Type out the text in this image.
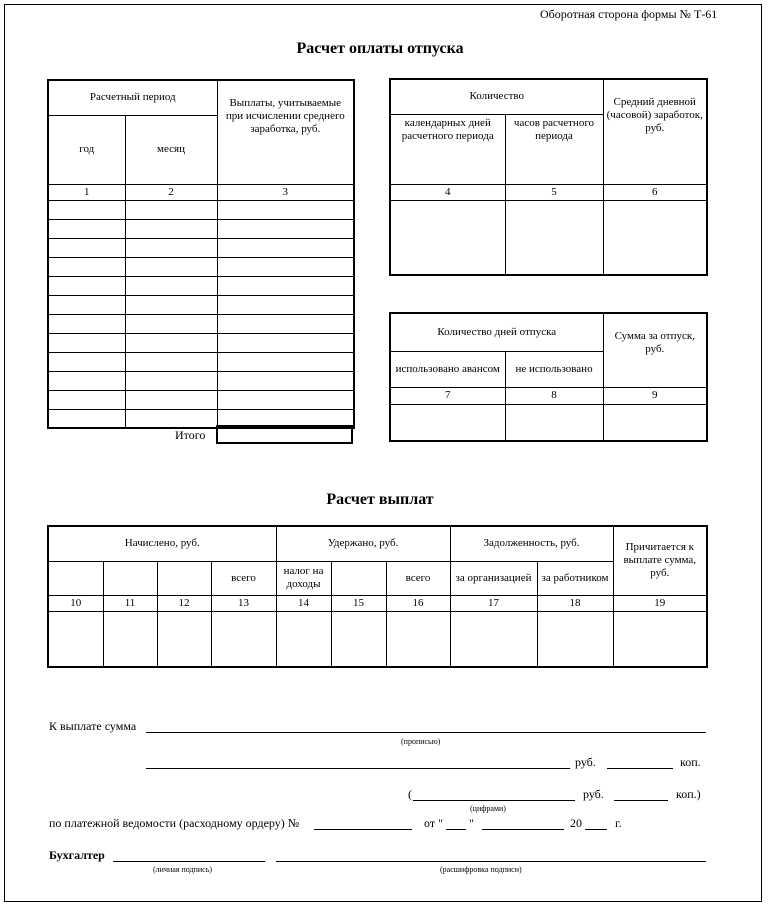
Оборотная сторона формы № Т-61
Расчет оплаты отпуска
Расчетный период		Выплаты, учитываемые при исчислении среднего заработка, руб.
год	месяц	
1	2	3

Итого
Количество		Средний дневной (часовой) заработок, руб.
календарных дней расчетного периода	часов расчетного периода	
4	5	6

Количество дней отпуска		Сумма за отпуск, руб.
использовано авансом	не использовано	
7	8	9

Расчет выплат
Начислено, руб.				Удержано, руб.			Задолженность, руб.		Причитается к выплате сумма, руб.
			всего	налог на доходы		всего	за организацией	за работником	
10	11	12	13	14	15	16	17	18	19

К выплате сумма
(прописью)
руб.	коп.
(
(цифрами)
руб.	коп.)
по платежной ведомости (расходному ордеру) №	от " "	20	г.
Бухгалтер
(личная подпись)	(расшифровка подписи)
